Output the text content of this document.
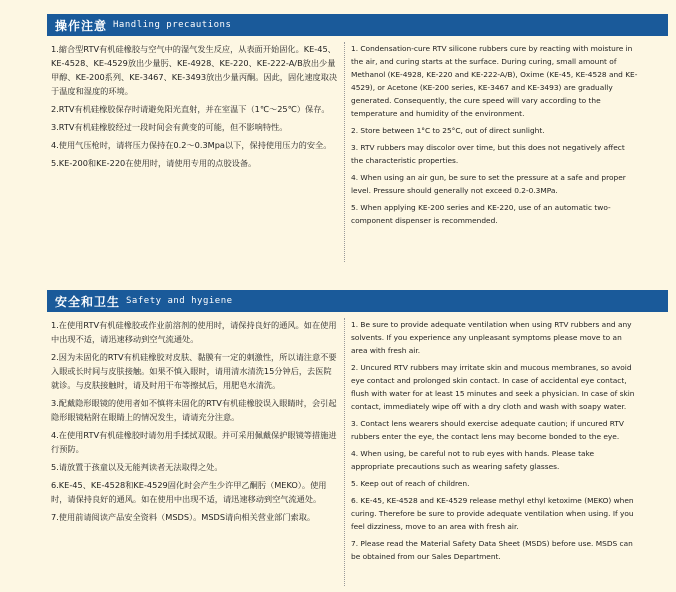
操作注意 Handling precautions
1.縮合型RTV有机硅橡胶与空气中的湿气发生反应，从表面开始固化。KE-45、KE-4528、KE-4529放出少量肟、KE-4928、KE-220、KE-222-A/B放出少量甲醇、KE-200系列、KE-3467、KE-3493放出少量丙酮。因此，固化速度取决于温度和湿度的环境。
2.RTV有机硅橡胶保存时请避免阳光直射，并在室温下（1℃～25℃）保存。
3.RTV有机硅橡胶经过一段时间会有黄变的可能，但不影响特性。
4.使用气压枪时，请将压力保持在0.2～0.3Mpa以下，保持使用压力的安全。
5.KE-200和KE-220在使用时，请使用专用的点胶设备。
1. Condensation-cure RTV silicone rubbers cure by reacting with moisture in the air, and curing starts at the surface. During curing, small amount of Methanol (KE-4928, KE-220 and KE-222-A/B), Oxime (KE-45, KE-4528 and KE-4529), or Acetone (KE-200 series, KE-3467 and KE-3493) are gradually generated. Consequently, the cure speed will vary according to the temperature and humidity of the environment.
2. Store between 1°C to 25°C, out of direct sunlight.
3. RTV rubbers may discolor over time, but this does not negatively affect the characteristic properties.
4. When using an air gun, be sure to set the pressure at a safe and proper level. Pressure should generally not exceed 0.2-0.3MPa.
5. When applying KE-200 series and KE-220, use of an automatic two-component dispenser is recommended.
安全和卫生 Safety and hygiene
1.在使用RTV有机硅橡胶或作业前溶剂的使用时，请保持良好的通风。如在使用中出现不适，请迅速移动到空气流通处。
2.因为未固化的RTV有机硅橡胶对皮肤、黏膜有一定的刺激性，所以请注意不要入眼或长时间与皮肤接触。如果不慎入眼时，请用清水清洗15分钟后，去医院就诊。与皮肤接触时，请及时用干布等擦拭后，用肥皂水清洗。
3.配戴隐形眼镜的使用者如不慎将未固化的RTV有机硅橡胶误入眼睛时，会引起隐形眼镜粘附在眼睛上的情况发生，请请充分注意。
4.在使用RTV有机硅橡胶时请勿用手揉拭双眼。并可采用佩戴保护眼镜等措施进行预防。
5.请放置于孩童以及无能判读者无法取得之处。
6.KE-45、KE-4528和KE-4529固化时会产生少许甲乙酮肟（MEKO）。使用时，请保持良好的通风。如在使用中出现不适，请迅速移动到空气流通处。
7.使用前请阅读产品安全资料（MSDS）。MSDS请向相关营业部门索取。
1. Be sure to provide adequate ventilation when using RTV rubbers and any solvents. If you experience any unpleasant symptoms please move to an area with fresh air.
2. Uncured RTV rubbers may irritate skin and mucous membranes, so avoid eye contact and prolonged skin contact. In case of accidental eye contact, flush with water for at least 15 minutes and seek a physician. In case of skin contact, immediately wipe off with a dry cloth and wash with soapy water.
3. Contact lens wearers should exercise adequate caution; if uncured RTV rubbers enter the eye, the contact lens may become bonded to the eye.
4. When using, be careful not to rub eyes with hands. Please take appropriate precautions such as wearing safety glasses.
5. Keep out of reach of children.
6. KE-45, KE-4528 and KE-4529 release methyl ethyl ketoxime (MEKO) when curing. Therefore be sure to provide adequate ventilation when using. If you feel dizziness, move to an area with fresh air.
7. Please read the Material Safety Data Sheet (MSDS) before use. MSDS can be obtained from our Sales Department.
